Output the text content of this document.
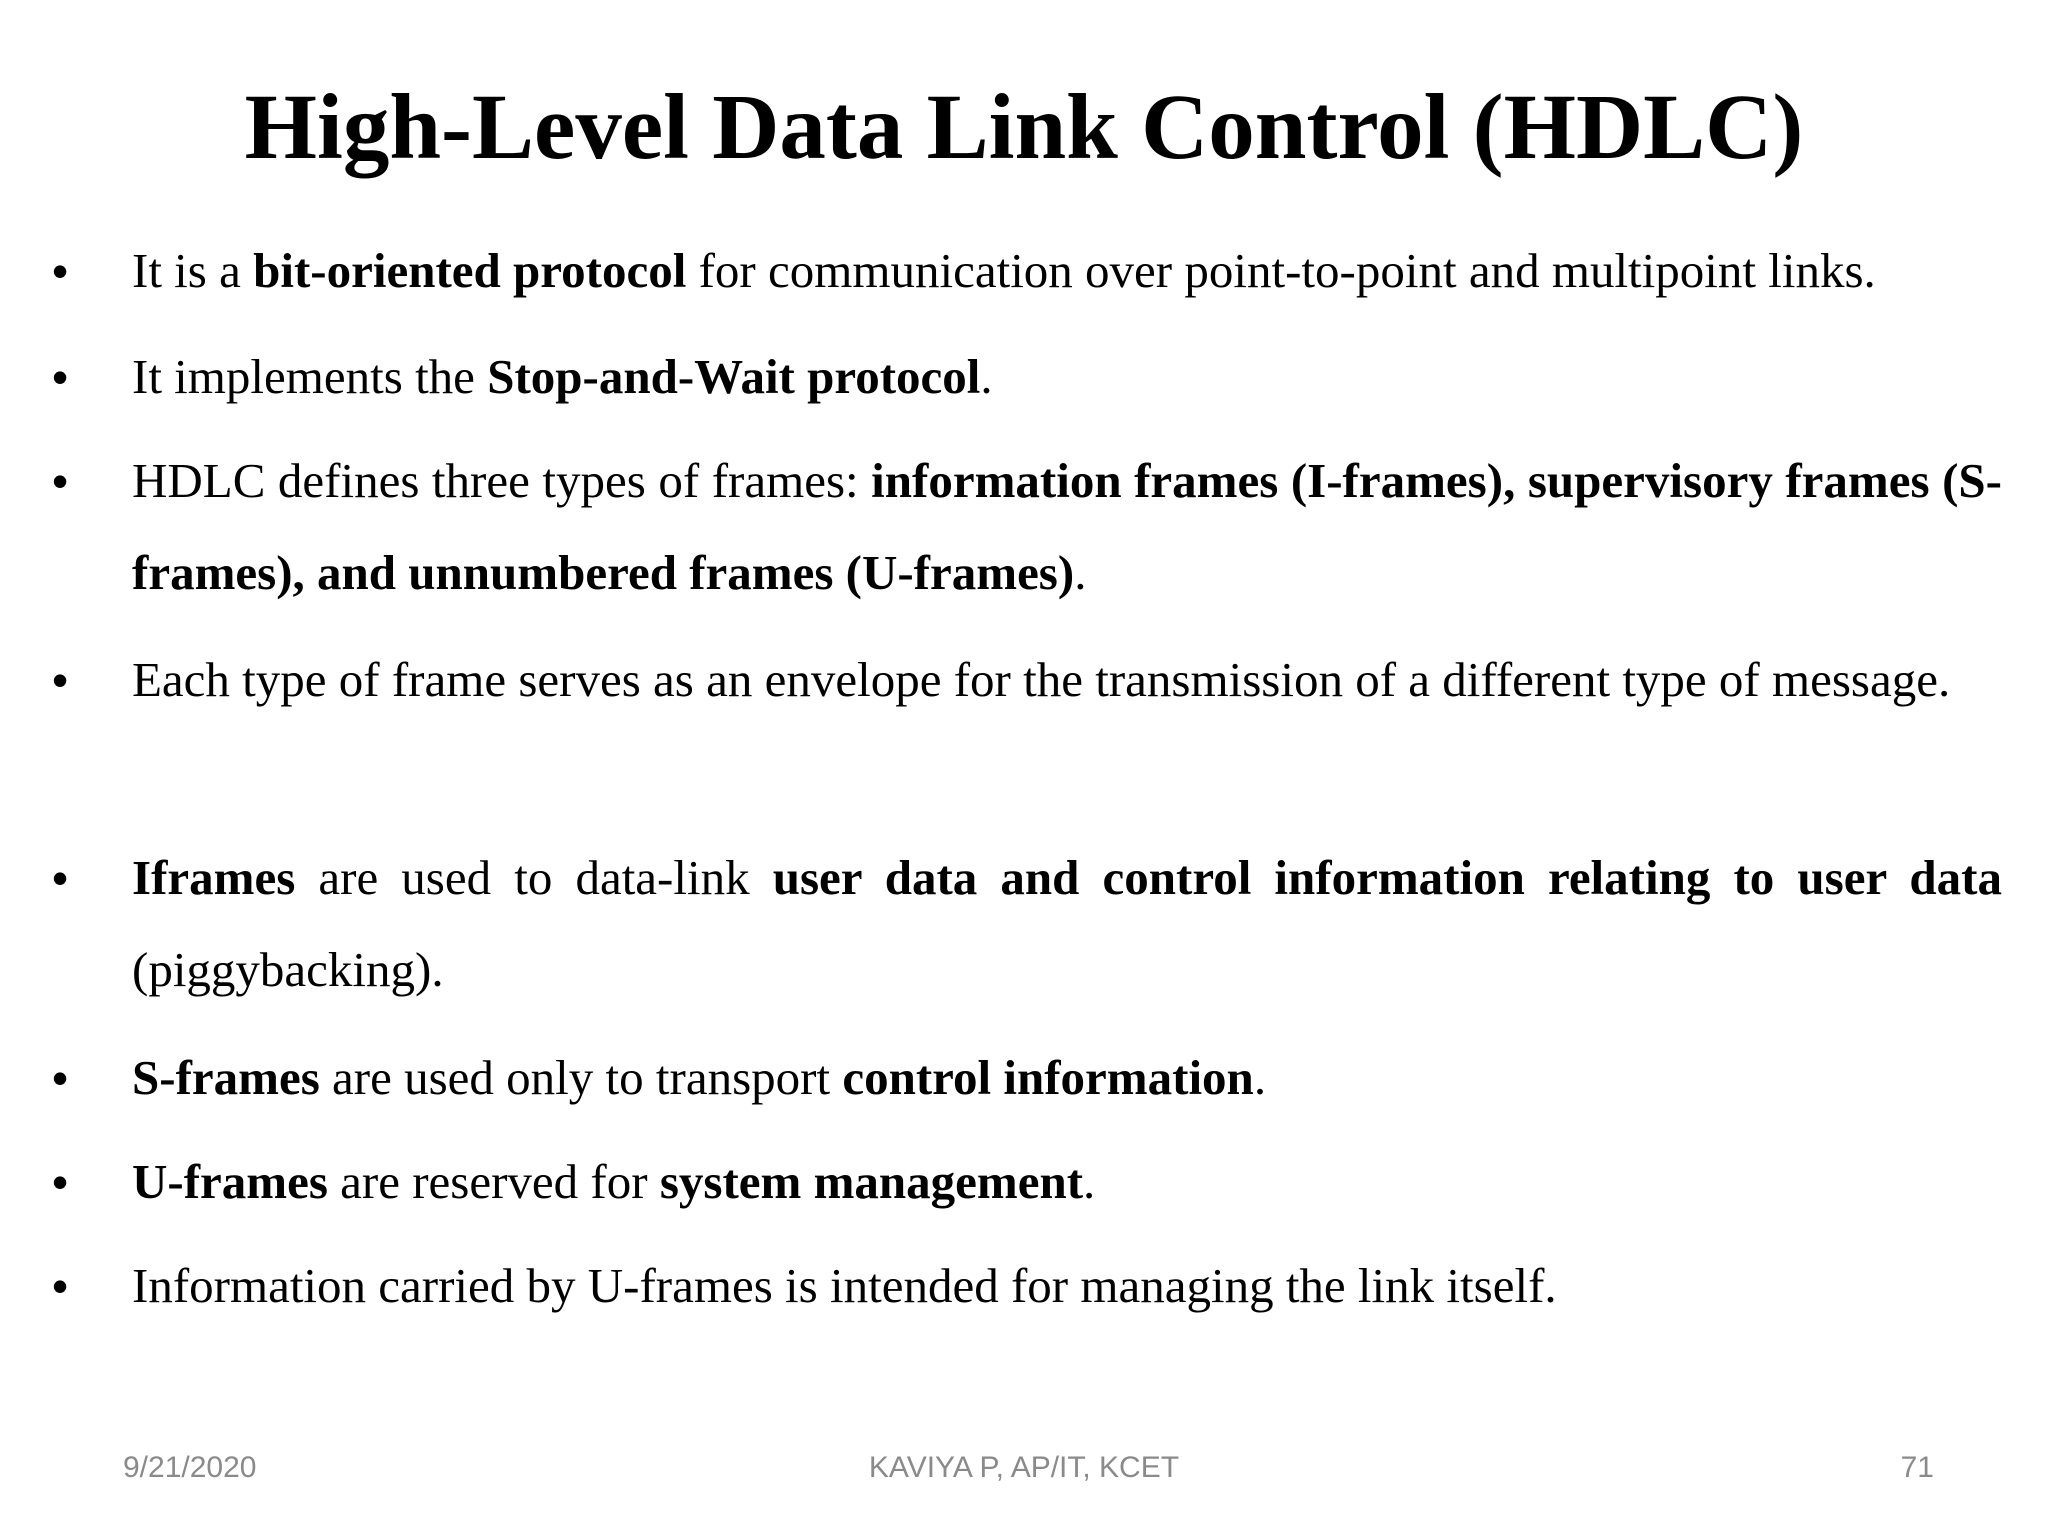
High-Level Data Link Control (HDLC)
• It is a bit-oriented protocol for communication over point-to-point and multipoint links.
• It implements the Stop-and-Wait protocol.
• HDLC defines three types of frames: information frames (I-frames), supervisory frames (S-frames), and unnumbered frames (U-frames).
• Each type of frame serves as an envelope for the transmission of a different type of message.
• Iframes are used to data-link user data and control information relating to user data (piggybacking).
• S-frames are used only to transport control information.
• U-frames are reserved for system management.
• Information carried by U-frames is intended for managing the link itself.
9/21/2020	KAVIYA P, AP/IT, KCET	71
